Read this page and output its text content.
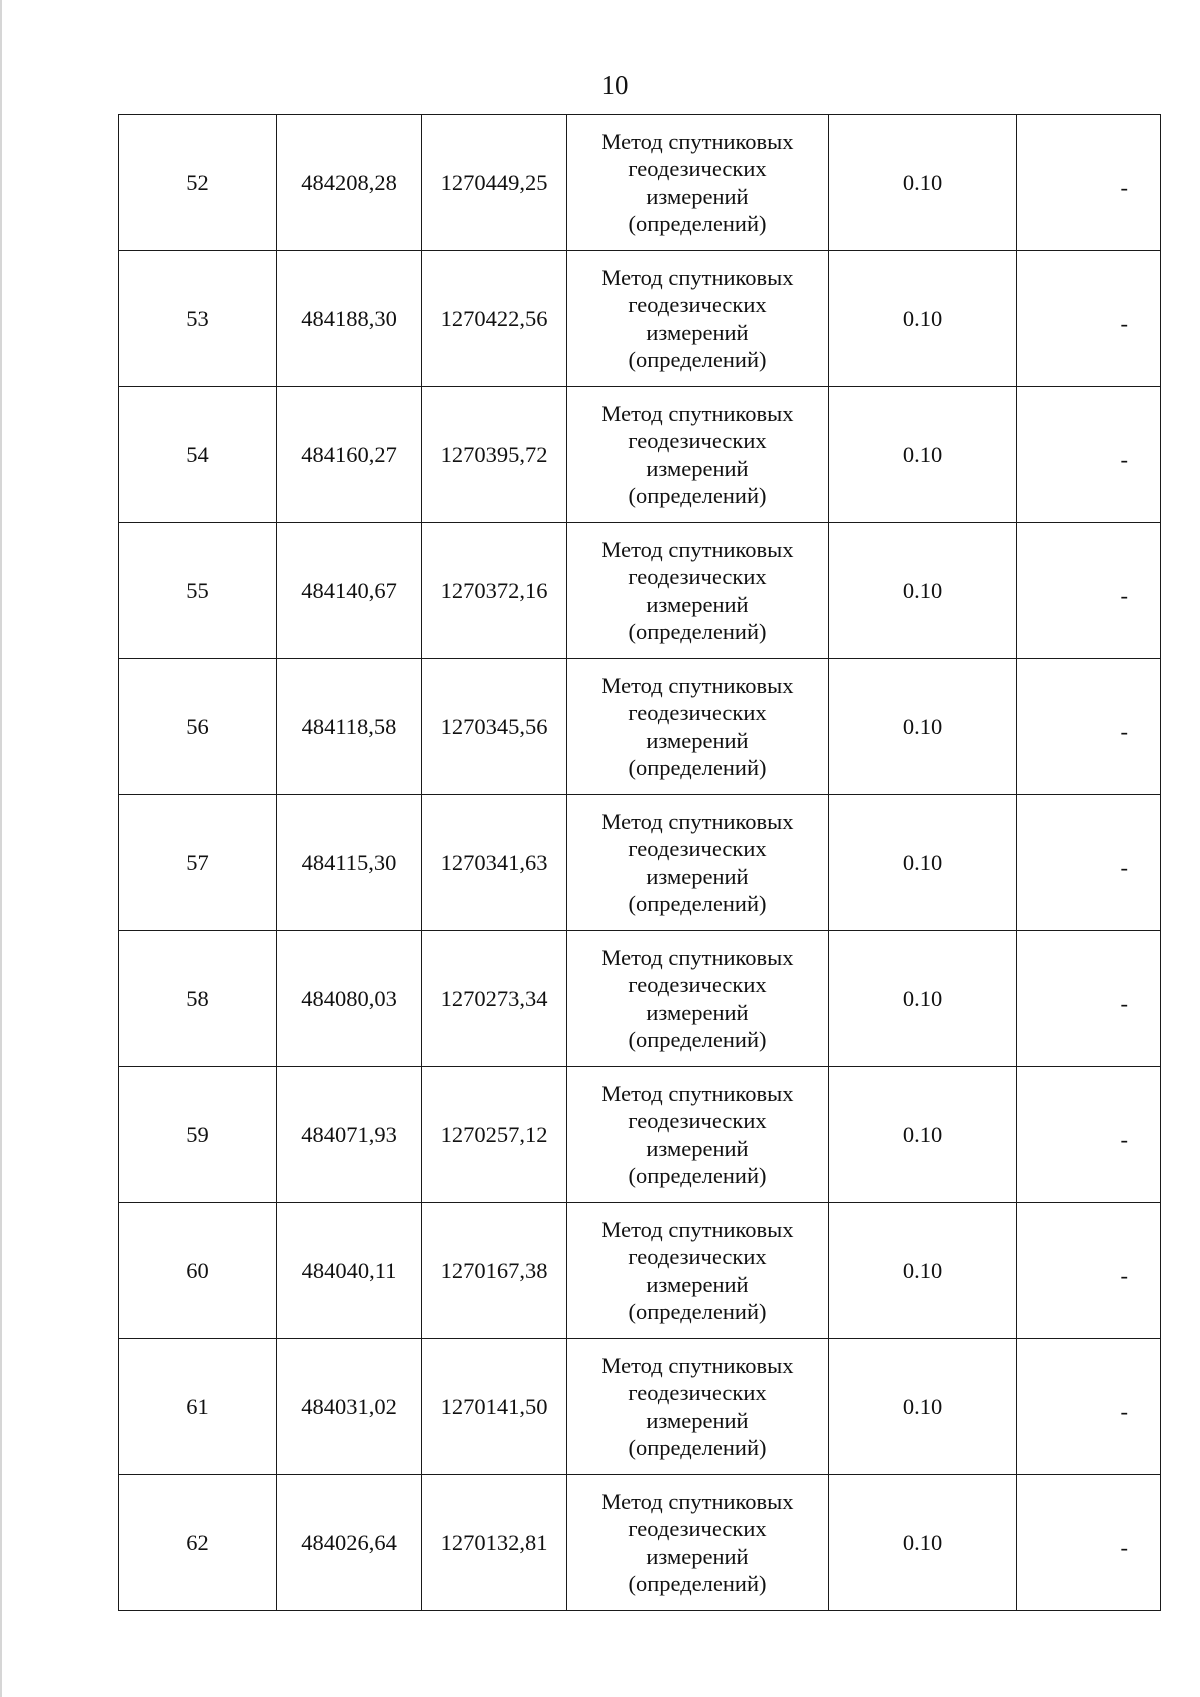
10
52	484208,28	1270449,25	Метод спутниковых
геодезических
измерений
(определений)	0.10	-
53	484188,30	1270422,56	Метод спутниковых
геодезических
измерений
(определений)	0.10	-
54	484160,27	1270395,72	Метод спутниковых
геодезических
измерений
(определений)	0.10	-
55	484140,67	1270372,16	Метод спутниковых
геодезических
измерений
(определений)	0.10	-
56	484118,58	1270345,56	Метод спутниковых
геодезических
измерений
(определений)	0.10	-
57	484115,30	1270341,63	Метод спутниковых
геодезических
измерений
(определений)	0.10	-
58	484080,03	1270273,34	Метод спутниковых
геодезических
измерений
(определений)	0.10	-
59	484071,93	1270257,12	Метод спутниковых
геодезических
измерений
(определений)	0.10	-
60	484040,11	1270167,38	Метод спутниковых
геодезических
измерений
(определений)	0.10	-
61	484031,02	1270141,50	Метод спутниковых
геодезических
измерений
(определений)	0.10	-
62	484026,64	1270132,81	Метод спутниковых
геодезических
измерений
(определений)	0.10	-
